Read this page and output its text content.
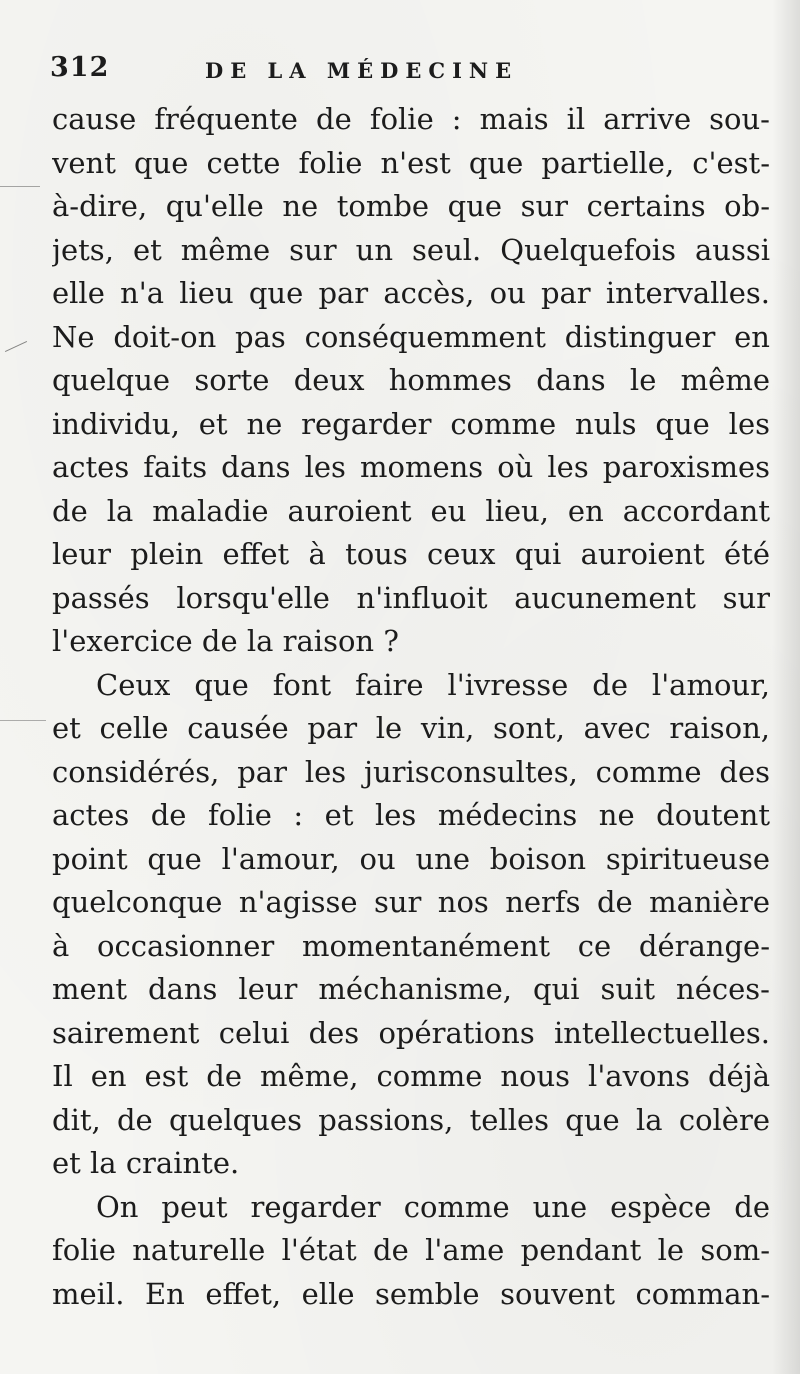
312	DE LA MÉDECINE
cause fréquente de folie : mais il arrive sou-
vent que cette folie n'est que partielle, c'est-
à-dire, qu'elle ne tombe que sur certains ob-
jets, et même sur un seul. Quelquefois aussi
elle n'a lieu que par accès, ou par intervalles.
Ne doit-on pas conséquemment distinguer en
quelque sorte deux hommes dans le même
individu, et ne regarder comme nuls que les
actes faits dans les momens où les paroxismes
de la maladie auroient eu lieu, en accordant
leur plein effet à tous ceux qui auroient été
passés lorsqu'elle n'influoit aucunement sur
l'exercice de la raison ?
Ceux que font faire l'ivresse de l'amour,
et celle causée par le vin, sont, avec raison,
considérés, par les jurisconsultes, comme des
actes de folie : et les médecins ne doutent
point que l'amour, ou une boison spiritueuse
quelconque n'agisse sur nos nerfs de manière
à occasionner momentanément ce dérange-
ment dans leur méchanisme, qui suit néces-
sairement celui des opérations intellectuelles.
Il en est de même, comme nous l'avons déjà
dit, de quelques passions, telles que la colère
et la crainte.
On peut regarder comme une espèce de
folie naturelle l'état de l'ame pendant le som-
meil. En effet, elle semble souvent comman-
